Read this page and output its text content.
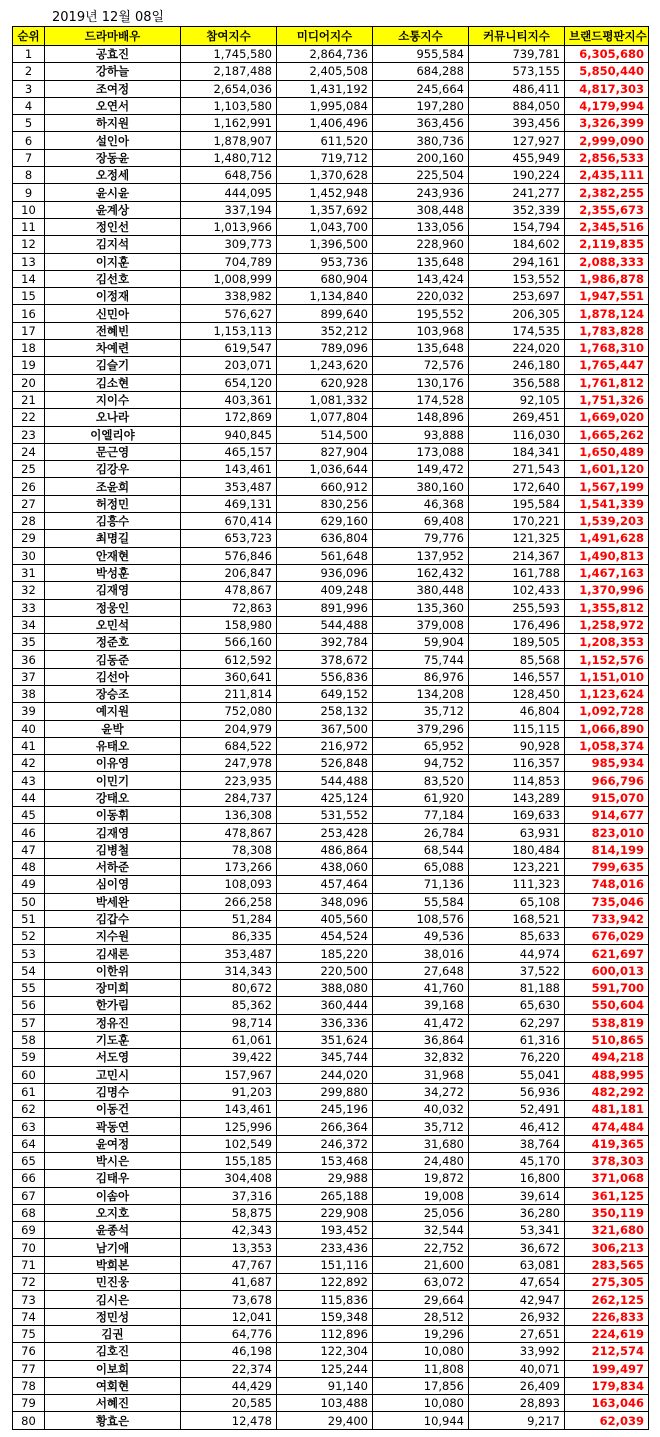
2019년 12월 08일
순위	드라마배우	참여지수	미디어지수	소통지수	커뮤니티지수	브랜드평판지수
1	공효진	1,745,580	2,864,736	955,584	739,781	6,305,680
2	강하늘	2,187,488	2,405,508	684,288	573,155	5,850,440
3	조여정	2,654,036	1,431,192	245,664	486,411	4,817,303
4	오연서	1,103,580	1,995,084	197,280	884,050	4,179,994
5	하지원	1,162,991	1,406,496	363,456	393,456	3,326,399
6	설인아	1,878,907	611,520	380,736	127,927	2,999,090
7	장동윤	1,480,712	719,712	200,160	455,949	2,856,533
8	오정세	648,756	1,370,628	225,504	190,224	2,435,111
9	윤시윤	444,095	1,452,948	243,936	241,277	2,382,255
10	윤계상	337,194	1,357,692	308,448	352,339	2,355,673
11	정인선	1,013,966	1,043,700	133,056	154,794	2,345,516
12	김지석	309,773	1,396,500	228,960	184,602	2,119,835
13	이지훈	704,789	953,736	135,648	294,161	2,088,333
14	김선호	1,008,999	680,904	143,424	153,552	1,986,878
15	이정재	338,982	1,134,840	220,032	253,697	1,947,551
16	신민아	576,627	899,640	195,552	206,305	1,878,124
17	전혜빈	1,153,113	352,212	103,968	174,535	1,783,828
18	차예련	619,547	789,096	135,648	224,020	1,768,310
19	김슬기	203,071	1,243,620	72,576	246,180	1,765,447
20	김소현	654,120	620,928	130,176	356,588	1,761,812
21	지이수	403,361	1,081,332	174,528	92,105	1,751,326
22	오나라	172,869	1,077,804	148,896	269,451	1,669,020
23	이엘리야	940,845	514,500	93,888	116,030	1,665,262
24	문근영	465,157	827,904	173,088	184,341	1,650,489
25	김강우	143,461	1,036,644	149,472	271,543	1,601,120
26	조윤희	353,487	660,912	380,160	172,640	1,567,199
27	허정민	469,131	830,256	46,368	195,584	1,541,339
28	김흥수	670,414	629,160	69,408	170,221	1,539,203
29	최명길	653,723	636,804	79,776	121,325	1,491,628
30	안재현	576,846	561,648	137,952	214,367	1,490,813
31	박성훈	206,847	936,096	162,432	161,788	1,467,163
32	김재영	478,867	409,248	380,448	102,433	1,370,996
33	정웅인	72,863	891,996	135,360	255,593	1,355,812
34	오민석	158,980	544,488	379,008	176,496	1,258,972
35	정준호	566,160	392,784	59,904	189,505	1,208,353
36	김동준	612,592	378,672	75,744	85,568	1,152,576
37	김선아	360,641	556,836	86,976	146,557	1,151,010
38	장승조	211,814	649,152	134,208	128,450	1,123,624
39	예지원	752,080	258,132	35,712	46,804	1,092,728
40	윤박	204,979	367,500	379,296	115,115	1,066,890
41	유태오	684,522	216,972	65,952	90,928	1,058,374
42	이유영	247,978	526,848	94,752	116,357	985,934
43	이민기	223,935	544,488	83,520	114,853	966,796
44	강태오	284,737	425,124	61,920	143,289	915,070
45	이동휘	136,308	531,552	77,184	169,633	914,677
46	김재영	478,867	253,428	26,784	63,931	823,010
47	김병철	78,308	486,864	68,544	180,484	814,199
48	서하준	173,266	438,060	65,088	123,221	799,635
49	심이영	108,093	457,464	71,136	111,323	748,016
50	박세완	266,258	348,096	55,584	65,108	735,046
51	김갑수	51,284	405,560	108,576	168,521	733,942
52	지수원	86,335	454,524	49,536	85,633	676,029
53	김새론	353,487	185,220	38,016	44,974	621,697
54	이한위	314,343	220,500	27,648	37,522	600,013
55	장미희	80,672	388,080	41,760	81,188	591,700
56	한가림	85,362	360,444	39,168	65,630	550,604
57	정유진	98,714	336,336	41,472	62,297	538,819
58	기도훈	61,061	351,624	36,864	61,316	510,865
59	서도영	39,422	345,744	32,832	76,220	494,218
60	고민시	157,967	244,020	31,968	55,041	488,995
61	김명수	91,203	299,880	34,272	56,936	482,292
62	이동건	143,461	245,196	40,032	52,491	481,181
63	곽동연	125,996	266,364	35,712	46,412	474,484
64	윤여정	102,549	246,372	31,680	38,764	419,365
65	박시은	155,185	153,468	24,480	45,170	378,303
66	김태우	304,408	29,988	19,872	16,800	371,068
67	이솜아	37,316	265,188	19,008	39,614	361,125
68	오지호	58,875	229,908	25,056	36,280	350,119
69	윤종석	42,343	193,452	32,544	53,341	321,680
70	남기애	13,353	233,436	22,752	36,672	306,213
71	박희본	47,767	151,116	21,600	63,081	283,565
72	민진웅	41,687	122,892	63,072	47,654	275,305
73	김시은	73,678	115,836	29,664	42,947	262,125
74	정민성	12,041	159,348	28,512	26,932	226,833
75	김권	64,776	112,896	19,296	27,651	224,619
76	김호진	46,198	122,304	10,080	33,992	212,574
77	이보희	22,374	125,244	11,808	40,071	199,497
78	여회현	44,429	91,140	17,856	26,409	179,834
79	서혜진	20,585	103,488	10,080	28,893	163,046
80	황효은	12,478	29,400	10,944	9,217	62,039
